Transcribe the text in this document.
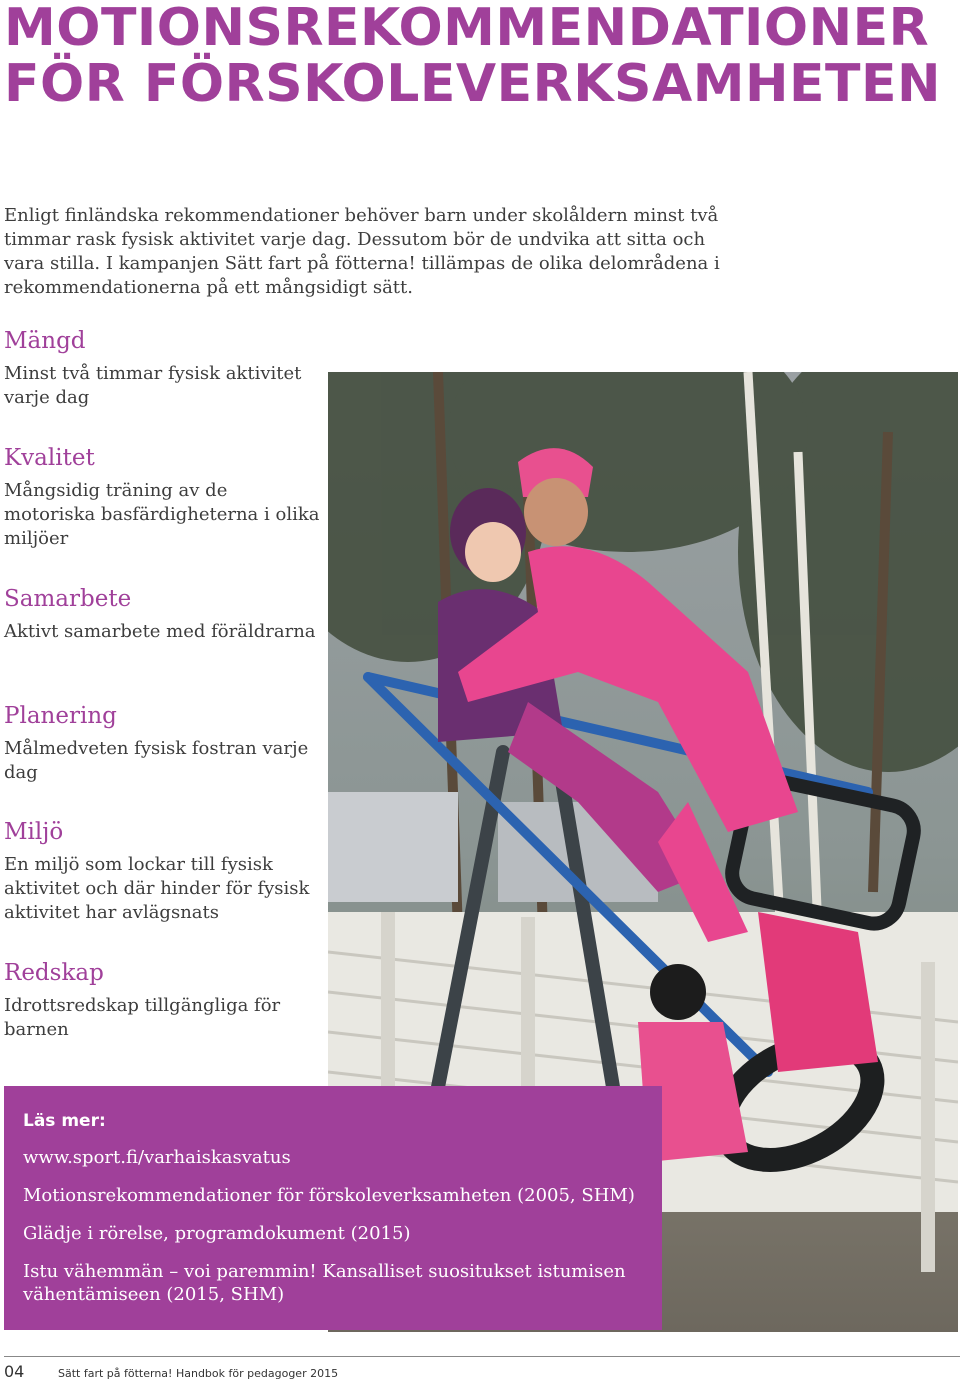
MOTIONSREKOMMENDATIONER
FÖR FÖRSKOLEVERKSAMHETEN

Enligt finländska rekommendationer behöver barn under skolåldern minst två timmar rask fysisk aktivitet varje dag. Dessutom bör de undvika att sitta och vara stilla. I kampanjen Sätt fart på fötterna! tillämpas de olika delområdena i rekommendationerna på ett mångsidigt sätt.

Mängd

Minst två timmar fysisk aktivitet varje dag

Kvalitet

Mångsidig träning av de motoriska basfärdigheterna i olika miljöer

Samarbete

Aktivt samarbete med föräldrarna

Planering

Målmedveten fysisk fostran varje dag

Miljö

En miljö som lockar till fysisk aktivitet och där hinder för fysisk aktivitet har avlägsnats

Redskap

Idrottsredskap tillgängliga för barnen

Läs mer:

www.sport.fi/varhaiskasvatus

Motionsrekommendationer för förskoleverksamheten (2005, SHM)

Glädje i rörelse, programdokument (2015)

Istu vähemmän – voi paremmin! Kansalliset suositukset istumisen vähentämiseen (2015, SHM)

04	Sätt fart på fötterna! Handbok för pedagoger 2015
